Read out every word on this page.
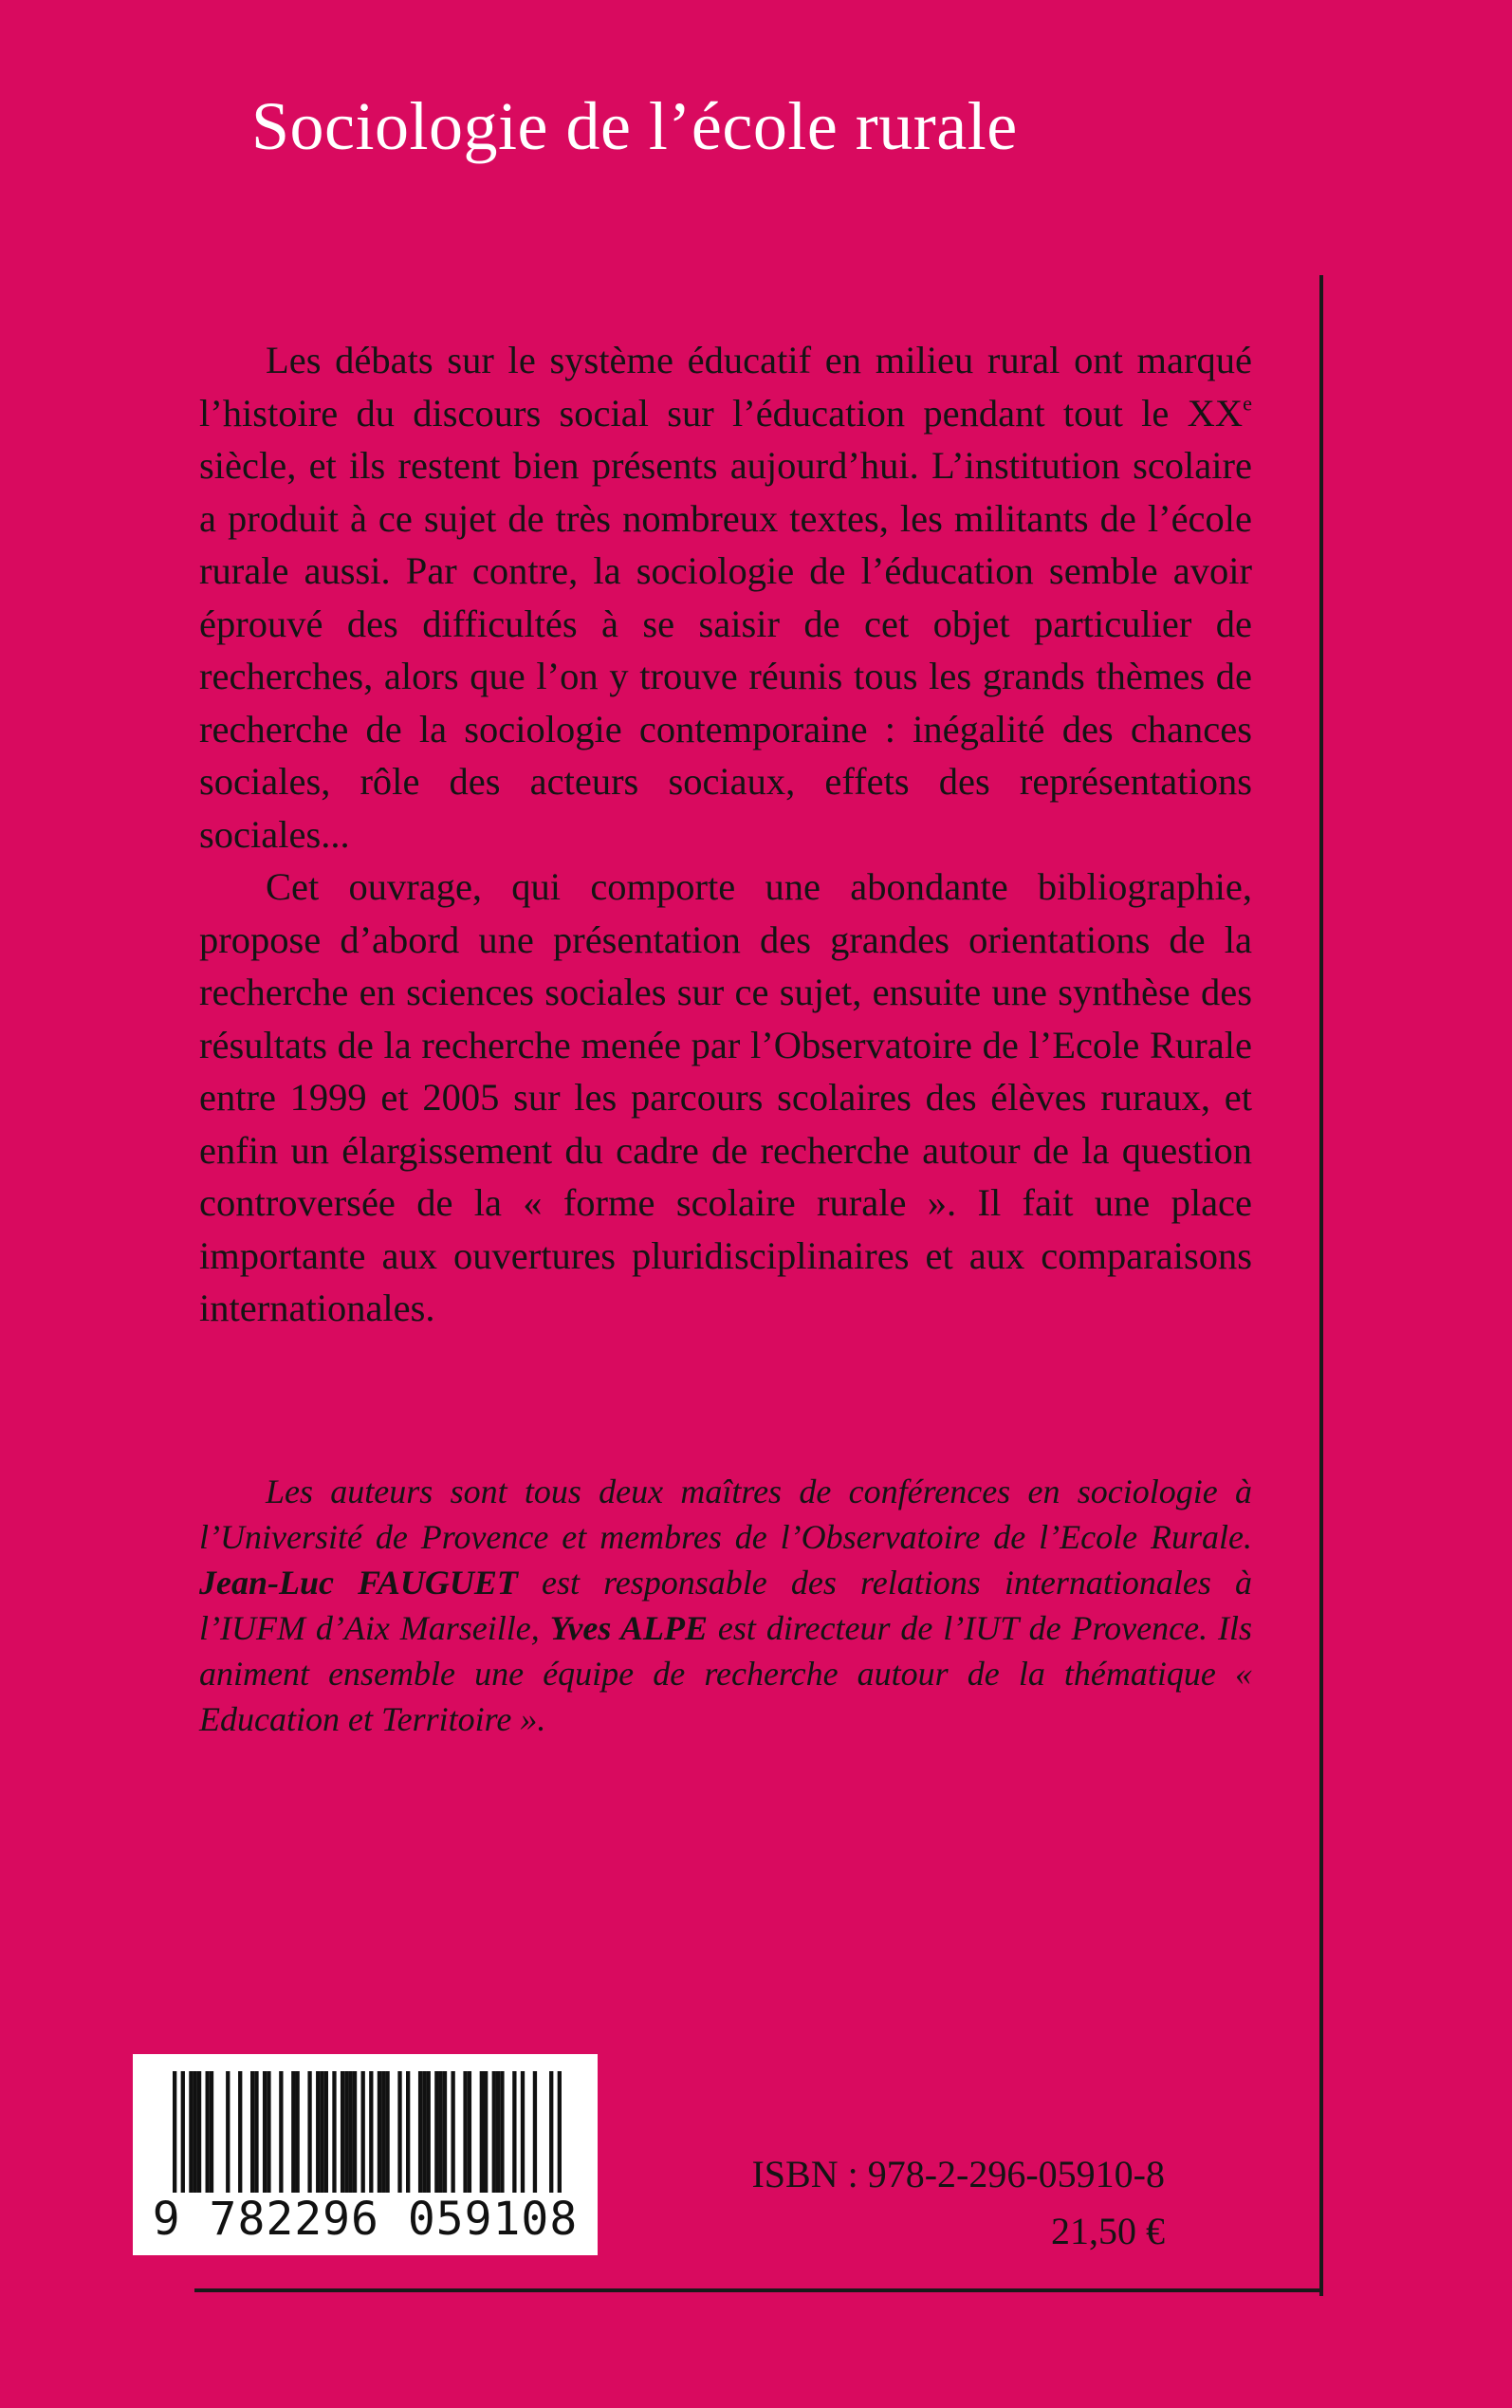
Sociologie de l’école rurale

Les débats sur le système éducatif en milieu rural ont marqué l’histoire du discours social sur l’éducation pendant tout le XXe siècle, et ils restent bien présents aujourd’hui. L’institution scolaire a produit à ce sujet de très nombreux textes, les militants de l’école rurale aussi. Par contre, la sociologie de l’éducation semble avoir éprouvé des difficultés à se saisir de cet objet particulier de recherches, alors que l’on y trouve réunis tous les grands thèmes de recherche de la sociologie contemporaine : inégalité des chances sociales, rôle des acteurs sociaux, effets des représentations sociales...

Cet ouvrage, qui comporte une abondante bibliographie, propose d’abord une présentation des grandes orientations de la recherche en sciences sociales sur ce sujet, ensuite une synthèse des résultats de la recherche menée par l’Observatoire de l’Ecole Rurale entre 1999 et 2005 sur les parcours scolaires des élèves ruraux, et enfin un élargissement du cadre de recherche autour de la question controversée de la « forme scolaire rurale ». Il fait une place importante aux ouvertures pluridisciplinaires et aux comparaisons internationales.

Les auteurs sont tous deux maîtres de conférences en sociologie à l’Université de Provence et membres de l’Observatoire de l’Ecole Rurale. Jean-Luc FAUGUET est responsable des relations internationales à l’IUFM d’Aix Marseille, Yves ALPE est directeur de l’IUT de Provence. Ils animent ensemble une équipe de recherche autour de la thématique « Education et Territoire ».

9 782296 059108
ISBN : 978-2-296-05910-8
21,50 €
